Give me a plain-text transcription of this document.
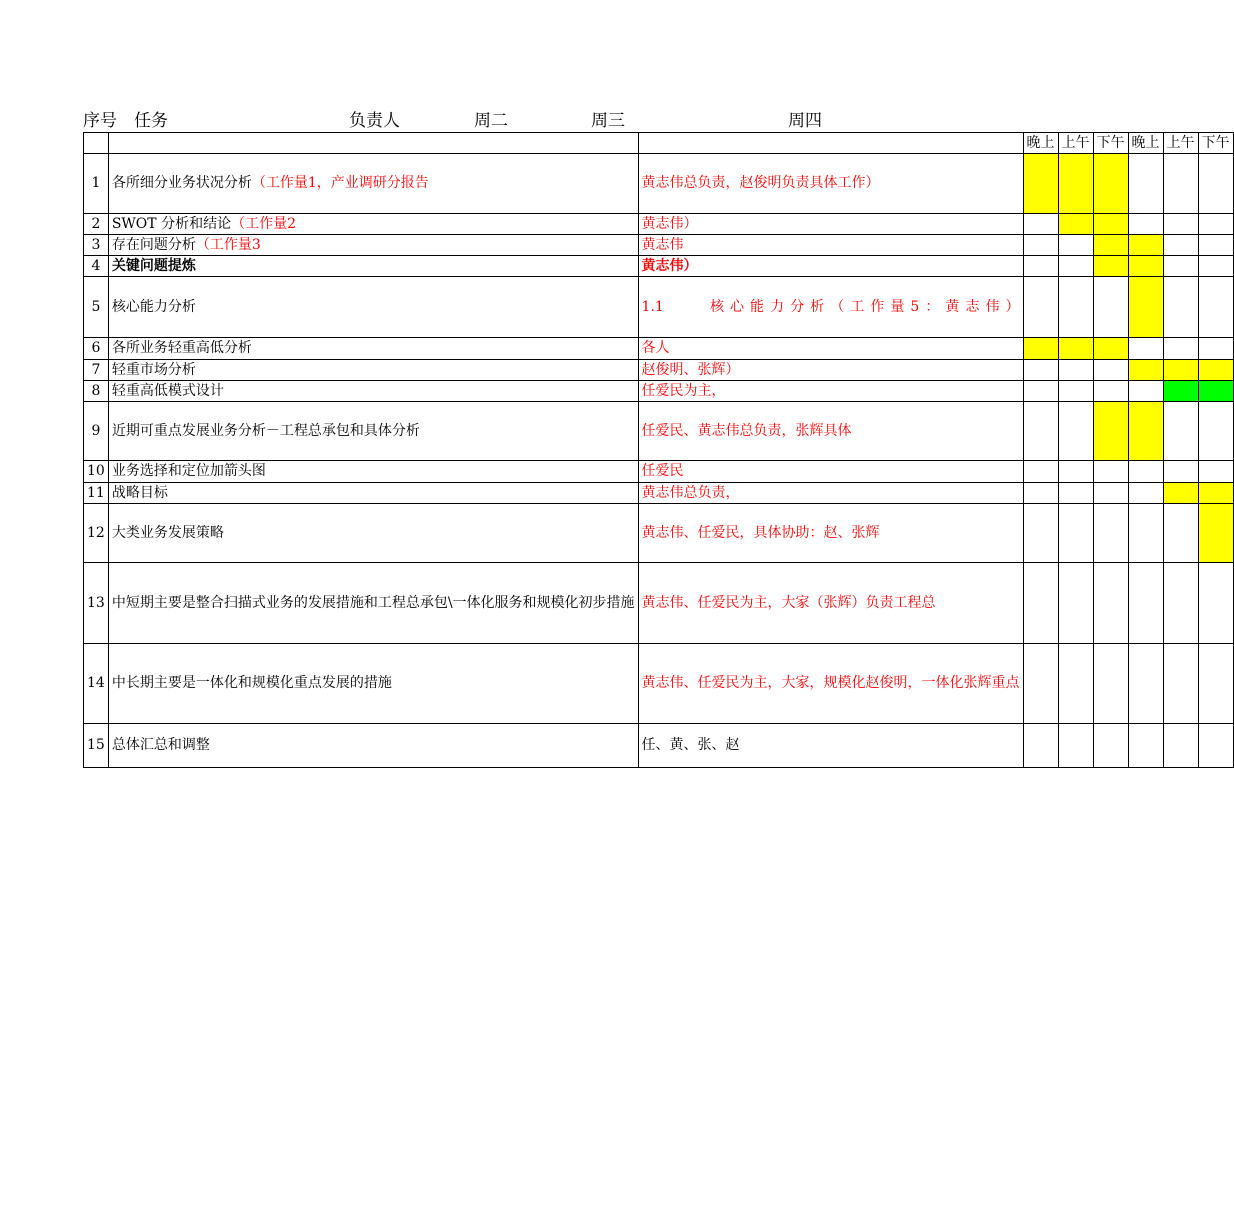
序号 任务	负责人	周二	周三	周四
			晚上	上午	下午	晚上	上午	下午
1	各所细分业务状况分析（工作量1，产业调研分报告	黄志伟总负责，赵俊明负责具体工作）						
2	SWOT 分析和结论（工作量2	黄志伟）						
3	存在问题分析（工作量3	黄志伟						
4	关键问题提炼	黄志伟）						
5	核心能力分析	1.1　　核心能力分析（工作量5：黄志伟）						
6	各所业务轻重高低分析	各人						
7	轻重市场分析	赵俊明、张辉）						
8	轻重高低模式设计	任爱民为主，						
9	近期可重点发展业务分析－工程总承包和具体分析	任爱民、黄志伟总负责，张辉具体						
10	业务选择和定位加箭头图	任爱民						
11	战略目标	黄志伟总负责，						
12	大类业务发展策略	黄志伟、任爱民，具体协助：赵、张辉						
13	中短期主要是整合扫描式业务的发展措施和工程总承包\一体化服务和规模化初步措施	黄志伟、任爱民为主，大家（张辉）负责工程总						
14	中长期主要是一体化和规模化重点发展的措施	黄志伟、任爱民为主，大家，规模化赵俊明，一体化张辉重点						
15	总体汇总和调整	任、黄、张、赵						
